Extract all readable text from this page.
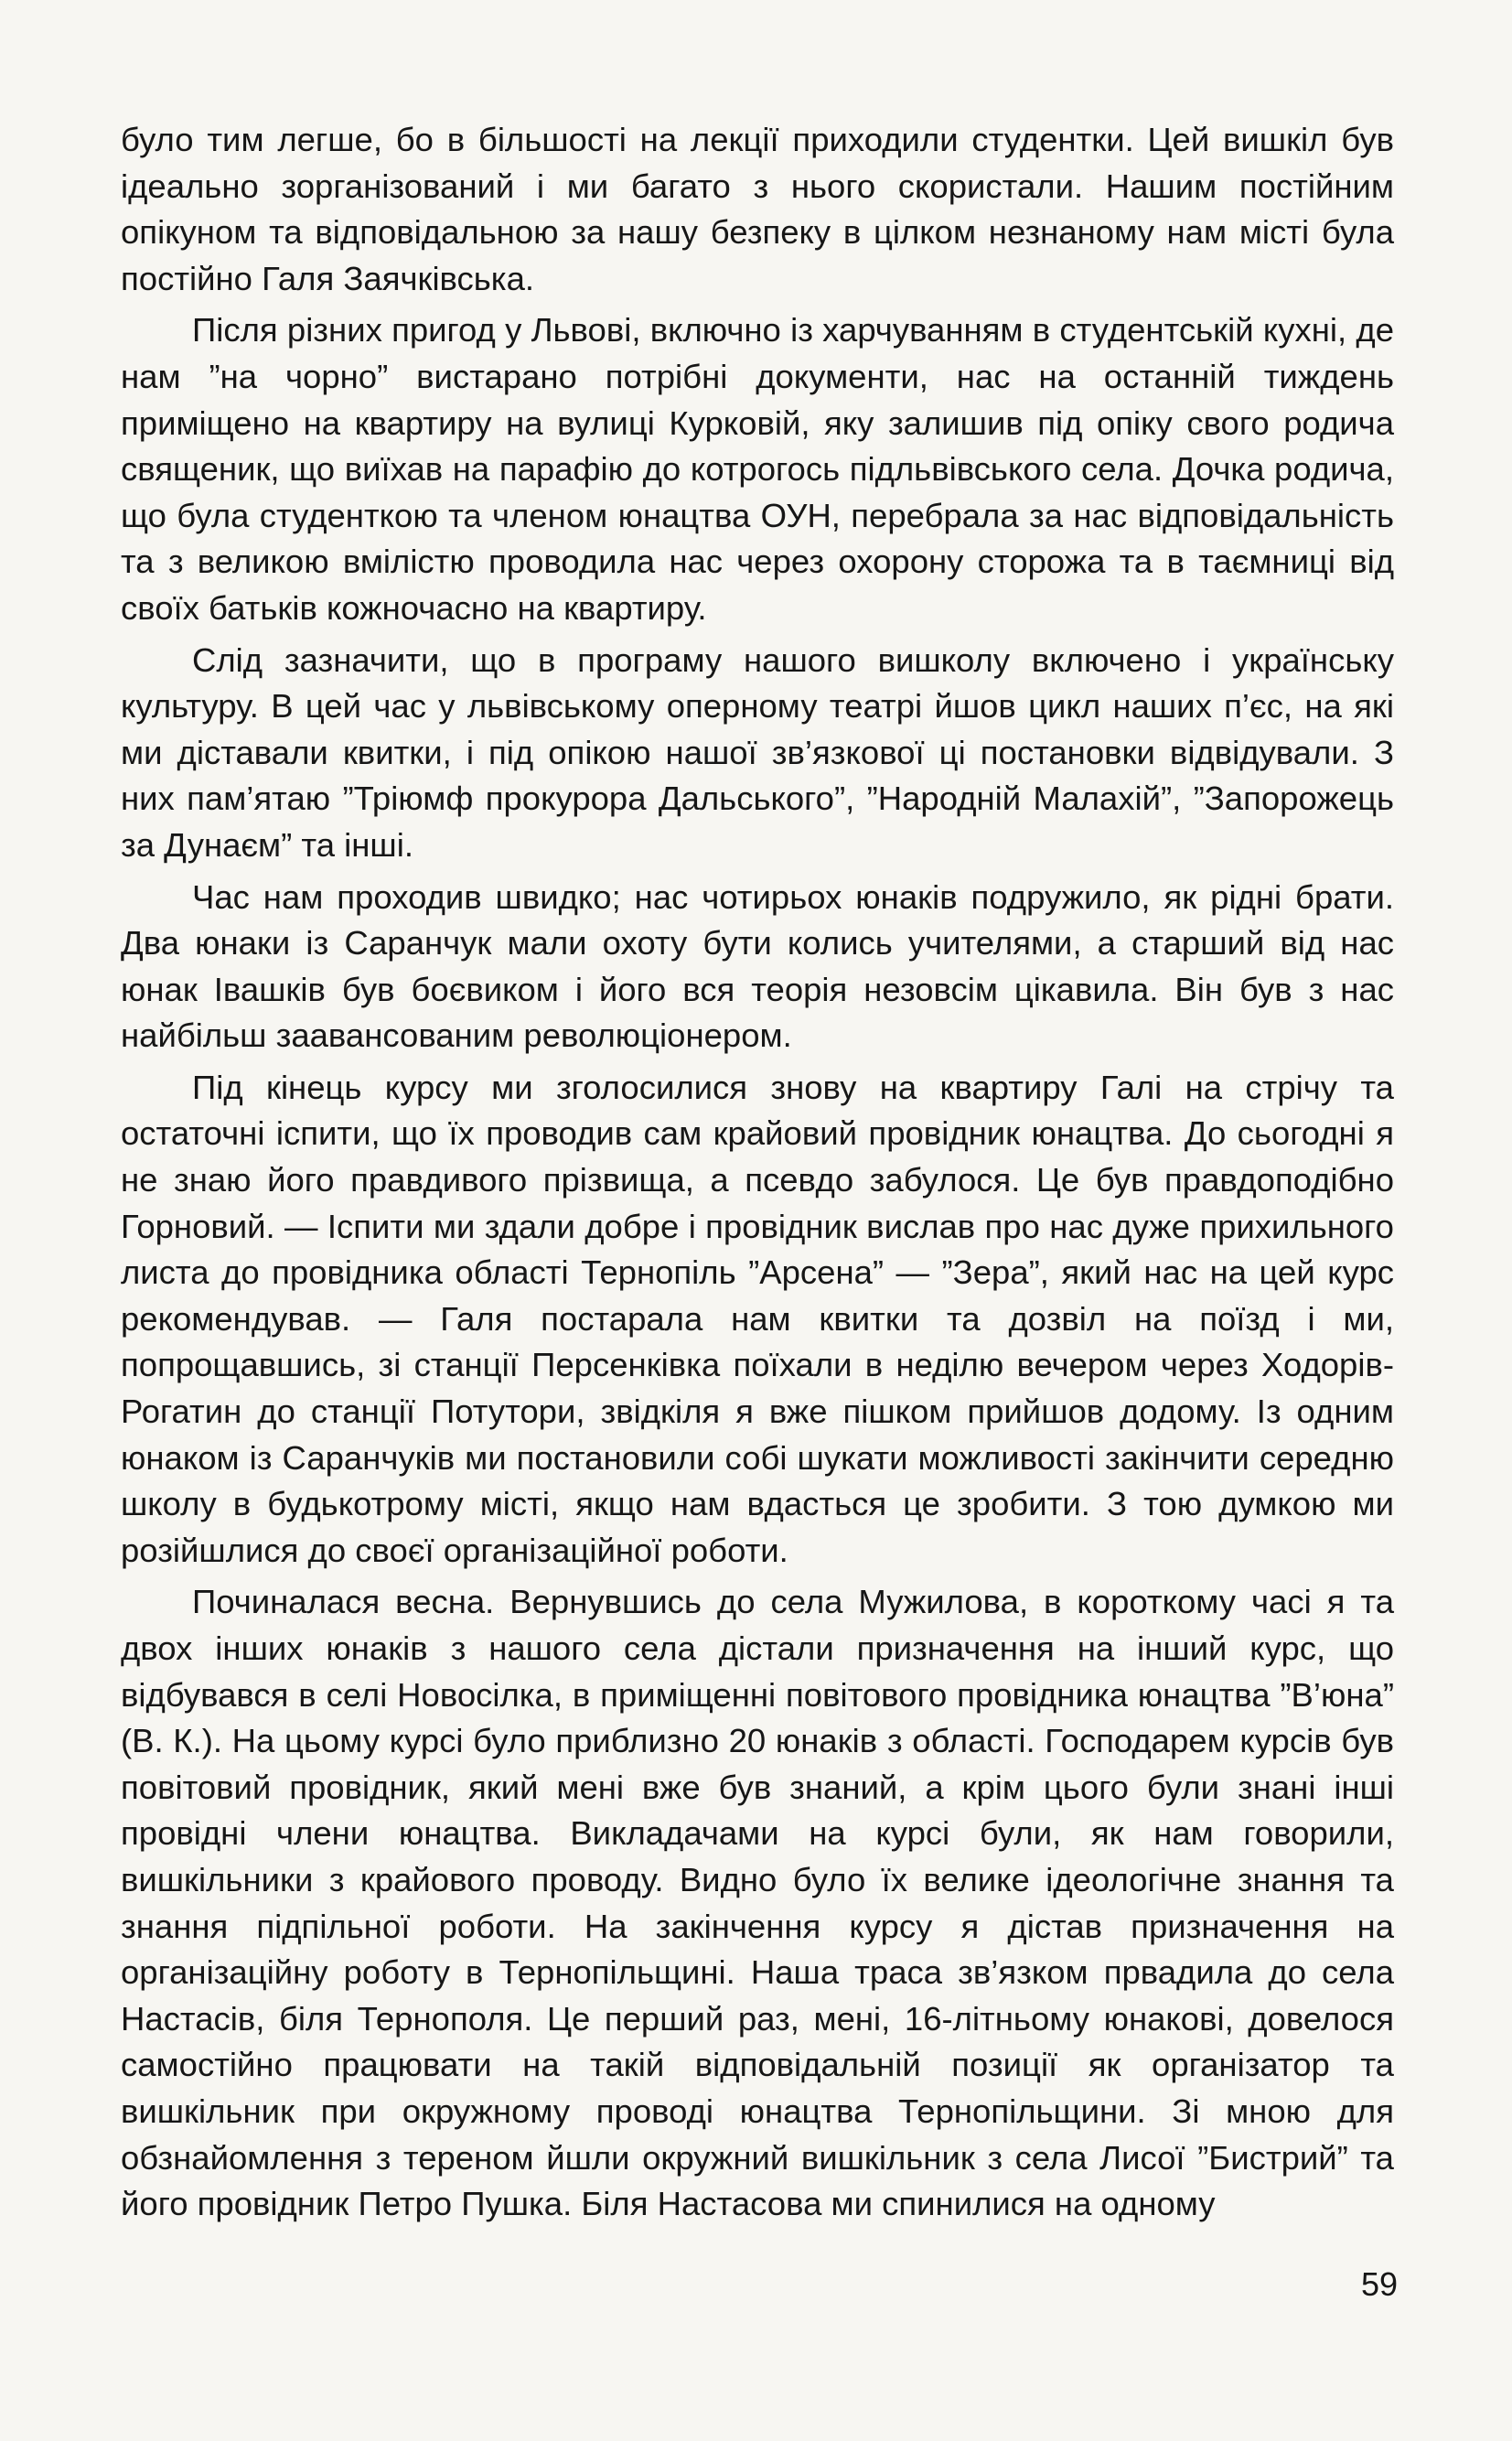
було тим легше, бо в більшості на лекції приходили студентки. Цей вишкіл був ідеально зорганізований і ми багато з нього скористали. Нашим постійним опікуном та відповідальною за нашу безпеку в цілком незнаному нам місті була постійно Галя Заячківська.

Після різних пригод у Львові, включно із харчуванням в студентській кухні, де нам ”на чорно” вистарано потрібні документи, нас на останній тиждень приміщено на квартиру на вулиці Курковій, яку залишив під опіку свого родича священик, що виїхав на парафію до котрогось підльвівського села. Дочка родича, що була студенткою та членом юнацтва ОУН, перебрала за нас відповідальність та з великою вмілістю проводила нас через охорону сторожа та в таємниці від своїх батьків кожночасно на квартиру.

Слід зазначити, що в програму нашого вишколу включено і українську культуру. В цей час у львівському оперному театрі йшов цикл наших п’єс, на які ми діставали квитки, і під опікою нашої зв’язкової ці постановки відвідували. З них пам’ятаю ”Тріюмф прокурора Дальського”, ”Народній Малахій”, ”Запорожець за Дунаєм” та інші.

Час нам проходив швидко; нас чотирьох юнаків подружило, як рідні брати. Два юнаки із Саранчук мали охоту бути колись учителями, а старший від нас юнак Івашків був боєвиком і його вся теорія незовсім цікавила. Він був з нас найбільш заавансованим революціонером.

Під кінець курсу ми зголосилися знову на квартиру Галі на стрічу та остаточні іспити, що їх проводив сам крайовий провідник юнацтва. До сьогодні я не знаю його правдивого прізвища, а псевдо забулося. Це був правдоподібно Горновий. — Іспити ми здали добре і провідник вислав про нас дуже прихильного листа до провідника області Тернопіль ”Арсена” — ”Зера”, який нас на цей курс рекомендував. — Галя постарала нам квитки та дозвіл на поїзд і ми, попрощавшись, зі станції Персенківка поїхали в неділю вечером через Ходорів-Рогатин до станції Потутори, звідкіля я вже пішком прийшов додому. Із одним юнаком із Саранчуків ми постановили собі шукати можливості закінчити середню школу в будькотрому місті, якщо нам вдасться це зробити. З тою думкою ми розійшлися до своєї організаційної роботи.

Починалася весна. Вернувшись до села Мужилова, в короткому часі я та двох інших юнаків з нашого села дістали призначення на інший курс, що відбувався в селі Новосілка, в приміщенні повітового провідника юнацтва ”В’юна” (В. К.). На цьому курсі було приблизно 20 юнаків з області. Господарем курсів був повітовий провідник, який мені вже був знаний, а крім цього були знані інші провідні члени юнацтва. Викладачами на курсі були, як нам говорили, вишкільники з крайового проводу. Видно було їх велике ідеологічне знання та знання підпільної роботи. На закінчення курсу я дістав призначення на організаційну роботу в Тернопільщині. Наша траса зв’язком првадила до села Настасів, біля Тернополя. Це перший раз, мені, 16-літньому юнакові, довелося самостійно працювати на такій відповідальній позиції як організатор та вишкільник при окружному проводі юнацтва Тернопільщини. Зі мною для обзнайомлення з тереном йшли окружний вишкільник з села Лисої ”Бистрий” та його провідник Петро Пушка. Біля Настасова ми спинилися на одному

59
